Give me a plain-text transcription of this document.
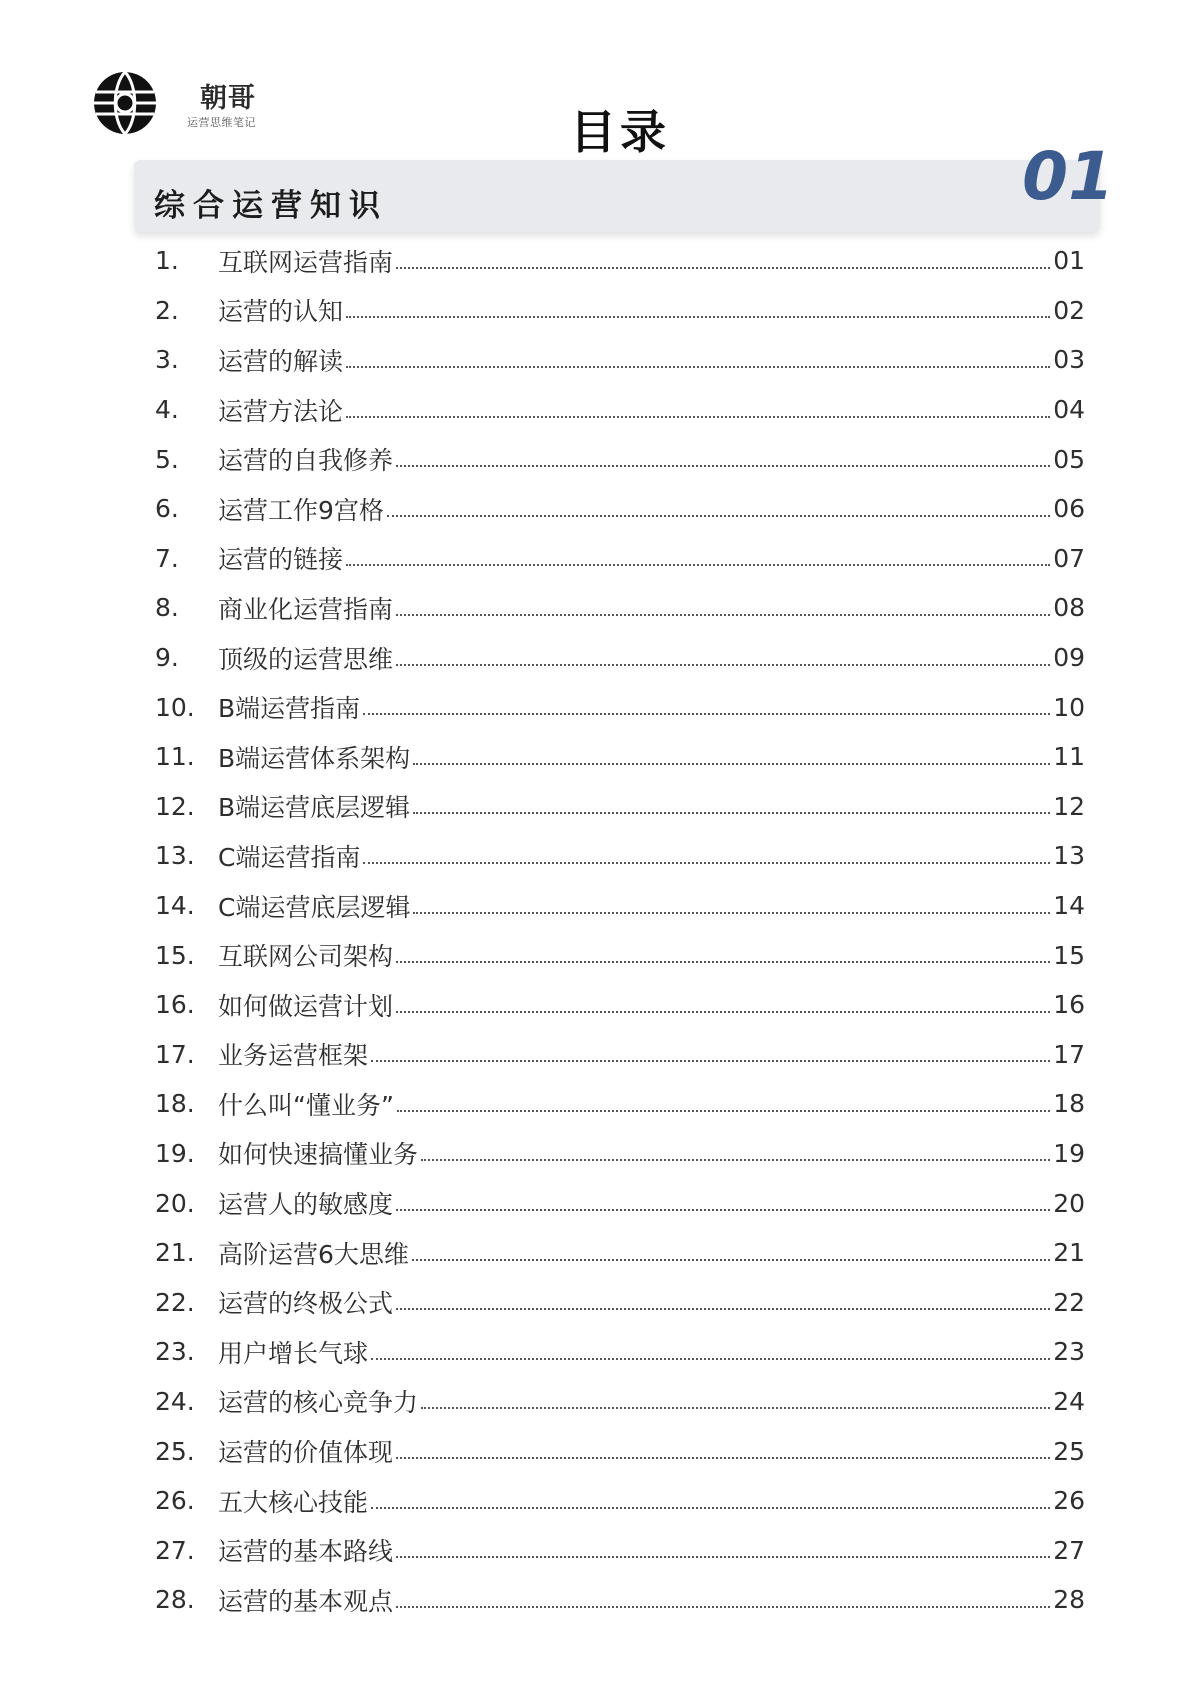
朝哥
运营思维笔记	目录
综合运营知识	01
1.	互联网运营指南	01
2.	运营的认知	02
3.	运营的解读	03
4.	运营方法论	04
5.	运营的自我修养	05
6.	运营工作9宫格	06
7.	运营的链接	07
8.	商业化运营指南	08
9.	顶级的运营思维	09
10. B端运营指南	10
11. B端运营体系架构	11
12. B端运营底层逻辑	12
13. C端运营指南	13
14. C端运营底层逻辑	14
15. 互联网公司架构	15
16. 如何做运营计划	16
17. 业务运营框架	17
18. 什么叫“懂业务”	18
19. 如何快速搞懂业务	19
20. 运营人的敏感度	20
21. 高阶运营6大思维	21
22. 运营的终极公式	22
23. 用户增长气球	23
24. 运营的核心竞争力	24
25. 运营的价值体现	25
26. 五大核心技能	26
27. 运营的基本路线	27
28. 运营的基本观点	28
